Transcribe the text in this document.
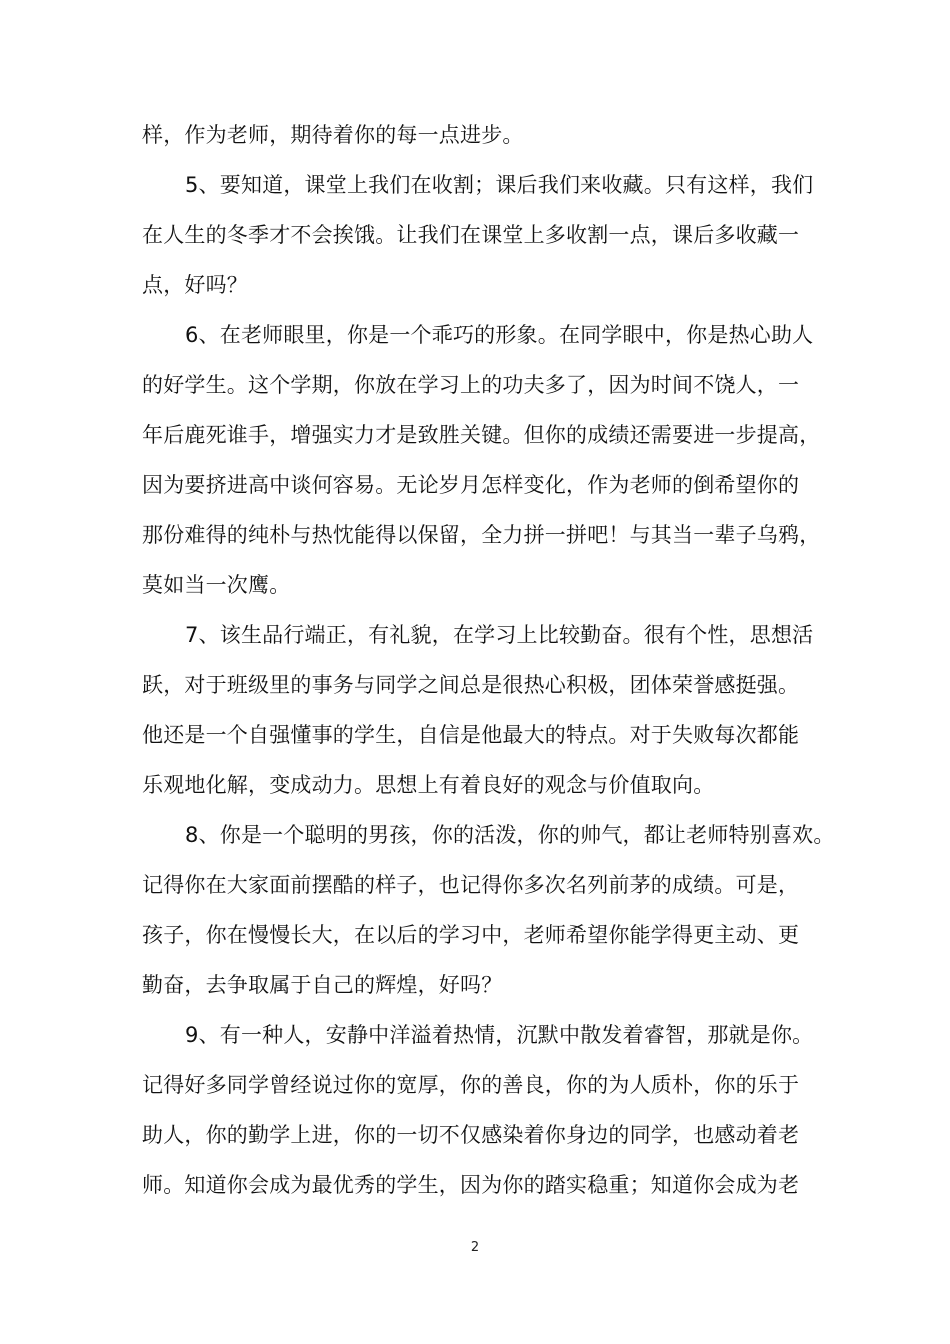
样，作为老师，期待着你的每一点进步。
5、要知道，课堂上我们在收割；课后我们来收藏。只有这样，我们
在人生的冬季才不会挨饿。让我们在课堂上多收割一点，课后多收藏一
点，好吗？
6、在老师眼里，你是一个乖巧的形象。在同学眼中，你是热心助人
的好学生。这个学期，你放在学习上的功夫多了，因为时间不饶人，一
年后鹿死谁手，增强实力才是致胜关键。但你的成绩还需要进一步提高，
因为要挤进高中谈何容易。无论岁月怎样变化，作为老师的倒希望你的
那份难得的纯朴与热忱能得以保留，全力拼一拼吧！与其当一辈子乌鸦，
莫如当一次鹰。
7、该生品行端正，有礼貌，在学习上比较勤奋。很有个性，思想活
跃，对于班级里的事务与同学之间总是很热心积极，团体荣誉感挺强。
他还是一个自强懂事的学生，自信是他最大的特点。对于失败每次都能
乐观地化解，变成动力。思想上有着良好的观念与价值取向。
8、你是一个聪明的男孩，你的活泼，你的帅气，都让老师特别喜欢。
记得你在大家面前摆酷的样子，也记得你多次名列前茅的成绩。可是，
孩子，你在慢慢长大，在以后的学习中，老师希望你能学得更主动、更
勤奋，去争取属于自己的辉煌，好吗？
9、有一种人，安静中洋溢着热情，沉默中散发着睿智，那就是你。
记得好多同学曾经说过你的宽厚，你的善良，你的为人质朴，你的乐于
助人，你的勤学上进，你的一切不仅感染着你身边的同学，也感动着老
师。知道你会成为最优秀的学生，因为你的踏实稳重；知道你会成为老
2
